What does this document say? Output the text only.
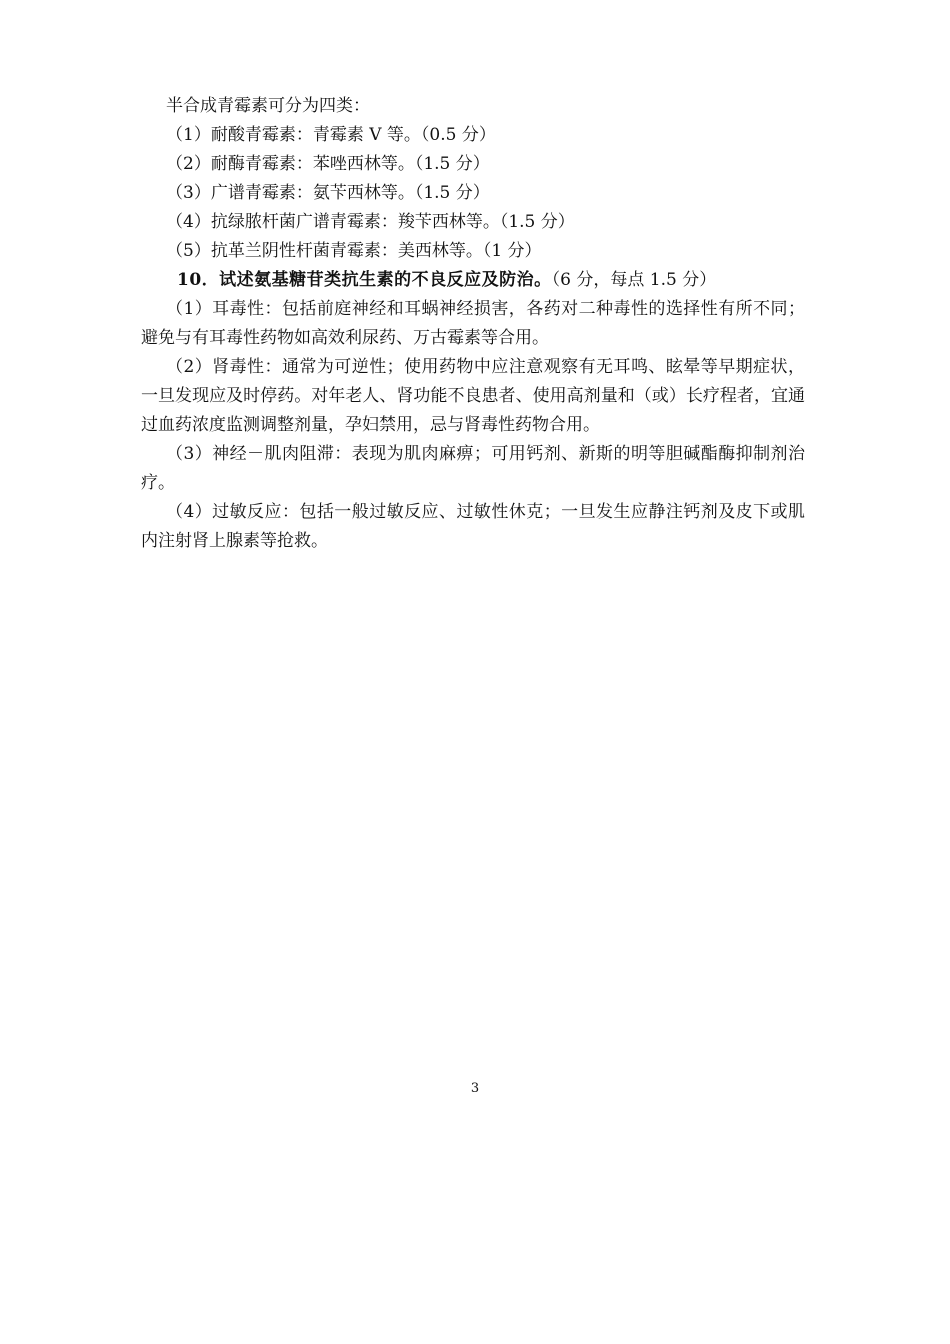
半合成青霉素可分为四类：

（1）耐酸青霉素：青霉素 V 等。（0.5 分）

（2）耐酶青霉素：苯唑西林等。（1.5 分）

（3）广谱青霉素：氨苄西林等。（1.5 分）

（4）抗绿脓杆菌广谱青霉素：羧苄西林等。（1.5 分）

（5）抗革兰阴性杆菌青霉素：美西林等。（1 分）

10．试述氨基糖苷类抗生素的不良反应及防治。（6 分，每点 1.5 分）

（1）耳毒性：包括前庭神经和耳蜗神经损害，各药对二种毒性的选择性有所不同；避免与有耳毒性药物如高效利尿药、万古霉素等合用。

（2）肾毒性：通常为可逆性；使用药物中应注意观察有无耳鸣、眩晕等早期症状，一旦发现应及时停药。对年老人、肾功能不良患者、使用高剂量和（或）长疗程者，宜通过血药浓度监测调整剂量，孕妇禁用，忌与肾毒性药物合用。

（3）神经－肌肉阻滞：表现为肌肉麻痹；可用钙剂、新斯的明等胆碱酯酶抑制剂治疗。

（4）过敏反应：包括一般过敏反应、过敏性休克；一旦发生应静注钙剂及皮下或肌内注射肾上腺素等抢救。

3
